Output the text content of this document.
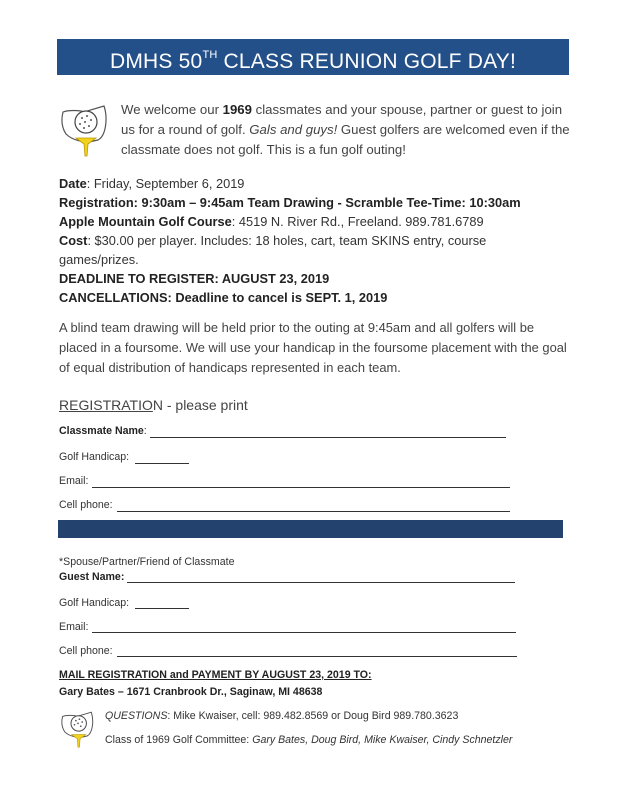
DMHS 50TH CLASS REUNION GOLF DAY!
We welcome our 1969 classmates and your spouse, partner or guest to join us for a round of golf. Gals and guys! Guest golfers are welcomed even if the classmate does not golf. This is a fun golf outing!
Date: Friday, September 6, 2019
Registration: 9:30am – 9:45am Team Drawing - Scramble Tee-Time: 10:30am
Apple Mountain Golf Course: 4519 N. River Rd., Freeland. 989.781.6789
Cost: $30.00 per player. Includes: 18 holes, cart, team SKINS entry, course
games/prizes.
DEADLINE TO REGISTER: AUGUST 23, 2019
CANCELLATIONS: Deadline to cancel is SEPT. 1, 2019
A blind team drawing will be held prior to the outing at 9:45am and all golfers will be placed in a foursome. We will use your handicap in the foursome placement with the goal of equal distribution of handicaps represented in each team.
REGISTRATION - please print
Classmate Name:
Golf Handicap:
Email:
Cell phone:
*Spouse/Partner/Friend of Classmate
Guest Name:
Golf Handicap:
Email:
Cell phone:
MAIL REGISTRATION and PAYMENT BY AUGUST 23, 2019 TO:
Gary Bates – 1671 Cranbrook Dr., Saginaw, MI 48638
QUESTIONS: Mike Kwaiser, cell: 989.482.8569 or Doug Bird 989.780.3623
Class of 1969 Golf Committee: Gary Bates, Doug Bird, Mike Kwaiser, Cindy Schnetzler
